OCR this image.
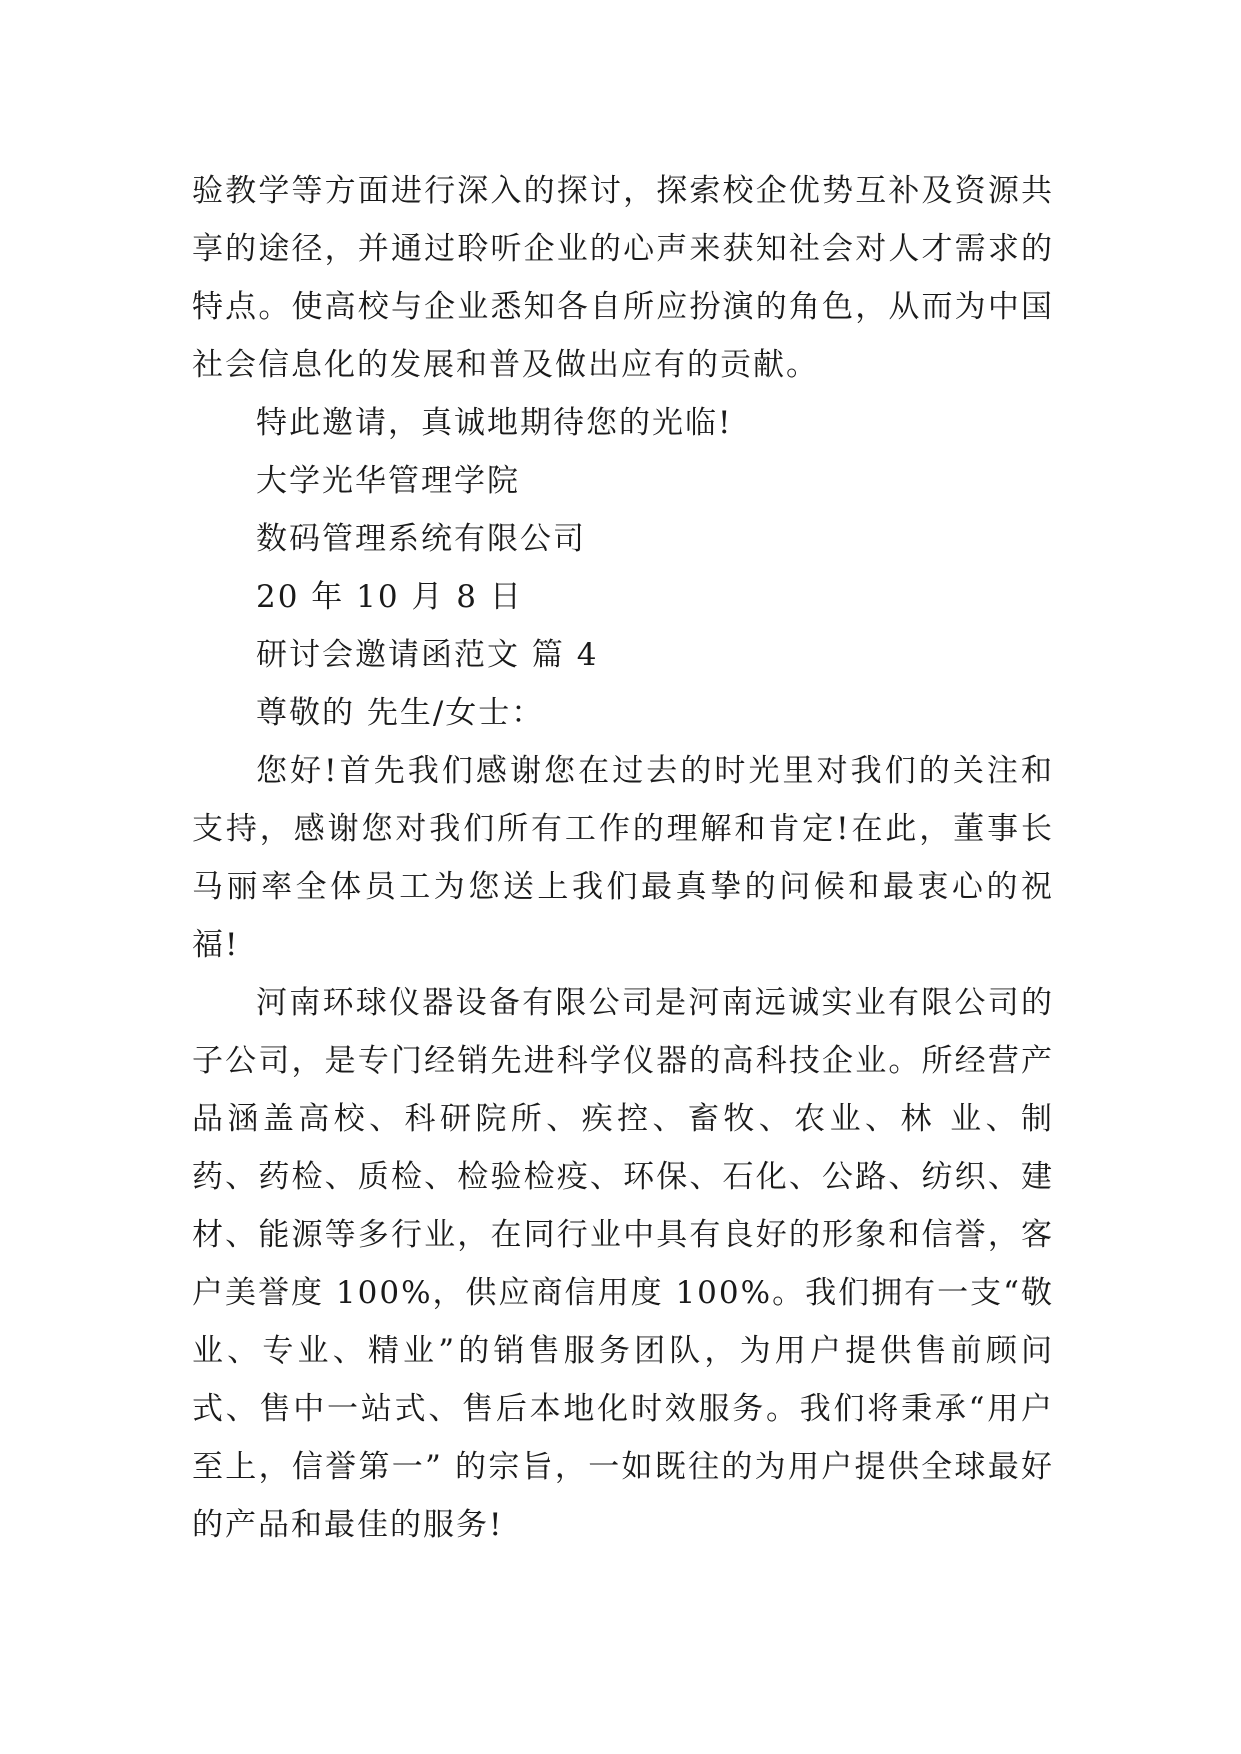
验教学等方面进行深入的探讨，探索校企优势互补及资源共享的途径，并通过聆听企业的心声来获知社会对人才需求的特点。使高校与企业悉知各自所应扮演的角色，从而为中国社会信息化的发展和普及做出应有的贡献。

特此邀请，真诚地期待您的光临!

大学光华管理学院

数码管理系统有限公司

20 年 10 月 8 日

研讨会邀请函范文 篇 4

尊敬的 先生/女士：

您好!首先我们感谢您在过去的时光里对我们的关注和支持，感谢您对我们所有工作的理解和肯定!在此，董事长马丽率全体员工为您送上我们最真挚的问候和最衷心的祝福!

河南环球仪器设备有限公司是河南远诚实业有限公司的子公司，是专门经销先进科学仪器的高科技企业。所经营产品涵盖高校、科研院所、疾控、畜牧、农业、林 业、制药、药检、质检、检验检疫、环保、石化、公路、纺织、建材、能源等多行业，在同行业中具有良好的形象和信誉，客户美誉度 100%，供应商信用度 100%。我们拥有一支“敬业、专业、精业”的销售服务团队，为用户提供售前顾问式、售中一站式、售后本地化时效服务。我们将秉承“用户至上，信誉第一” 的宗旨，一如既往的为用户提供全球最好的产品和最佳的服务!
